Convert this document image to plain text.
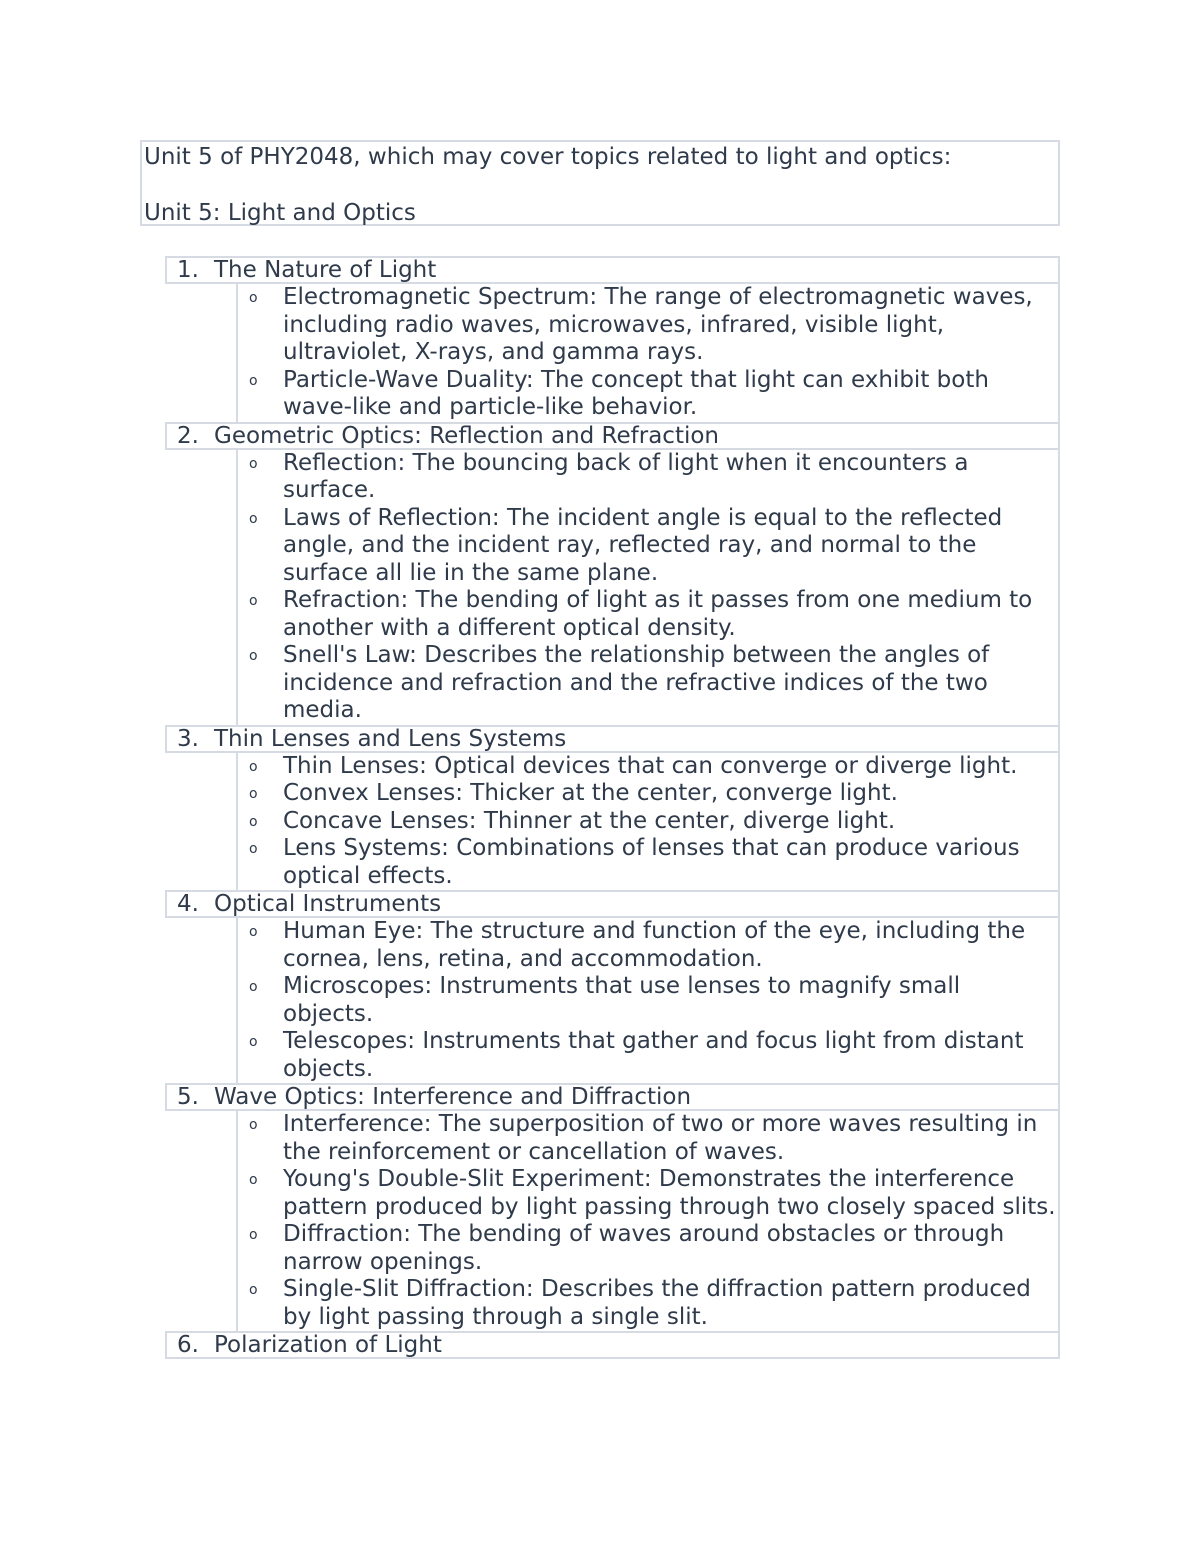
Unit 5 of PHY2048, which may cover topics related to light and optics:
Unit 5: Light and Optics
1. The Nature of Light
o Electromagnetic Spectrum: The range of electromagnetic waves, including radio waves, microwaves, infrared, visible light, ultraviolet, X-rays, and gamma rays.
o Particle-Wave Duality: The concept that light can exhibit both wave-like and particle-like behavior.
2. Geometric Optics: Reflection and Refraction
o Reflection: The bouncing back of light when it encounters a surface.
o Laws of Reflection: The incident angle is equal to the reflected angle, and the incident ray, reflected ray, and normal to the surface all lie in the same plane.
o Refraction: The bending of light as it passes from one medium to another with a different optical density.
o Snell's Law: Describes the relationship between the angles of incidence and refraction and the refractive indices of the two media.
3. Thin Lenses and Lens Systems
o Thin Lenses: Optical devices that can converge or diverge light.
o Convex Lenses: Thicker at the center, converge light.
o Concave Lenses: Thinner at the center, diverge light.
o Lens Systems: Combinations of lenses that can produce various optical effects.
4. Optical Instruments
o Human Eye: The structure and function of the eye, including the cornea, lens, retina, and accommodation.
o Microscopes: Instruments that use lenses to magnify small objects.
o Telescopes: Instruments that gather and focus light from distant objects.
5. Wave Optics: Interference and Diffraction
o Interference: The superposition of two or more waves resulting in the reinforcement or cancellation of waves.
o Young's Double-Slit Experiment: Demonstrates the interference pattern produced by light passing through two closely spaced slits.
o Diffraction: The bending of waves around obstacles or through narrow openings.
o Single-Slit Diffraction: Describes the diffraction pattern produced by light passing through a single slit.
6. Polarization of Light
